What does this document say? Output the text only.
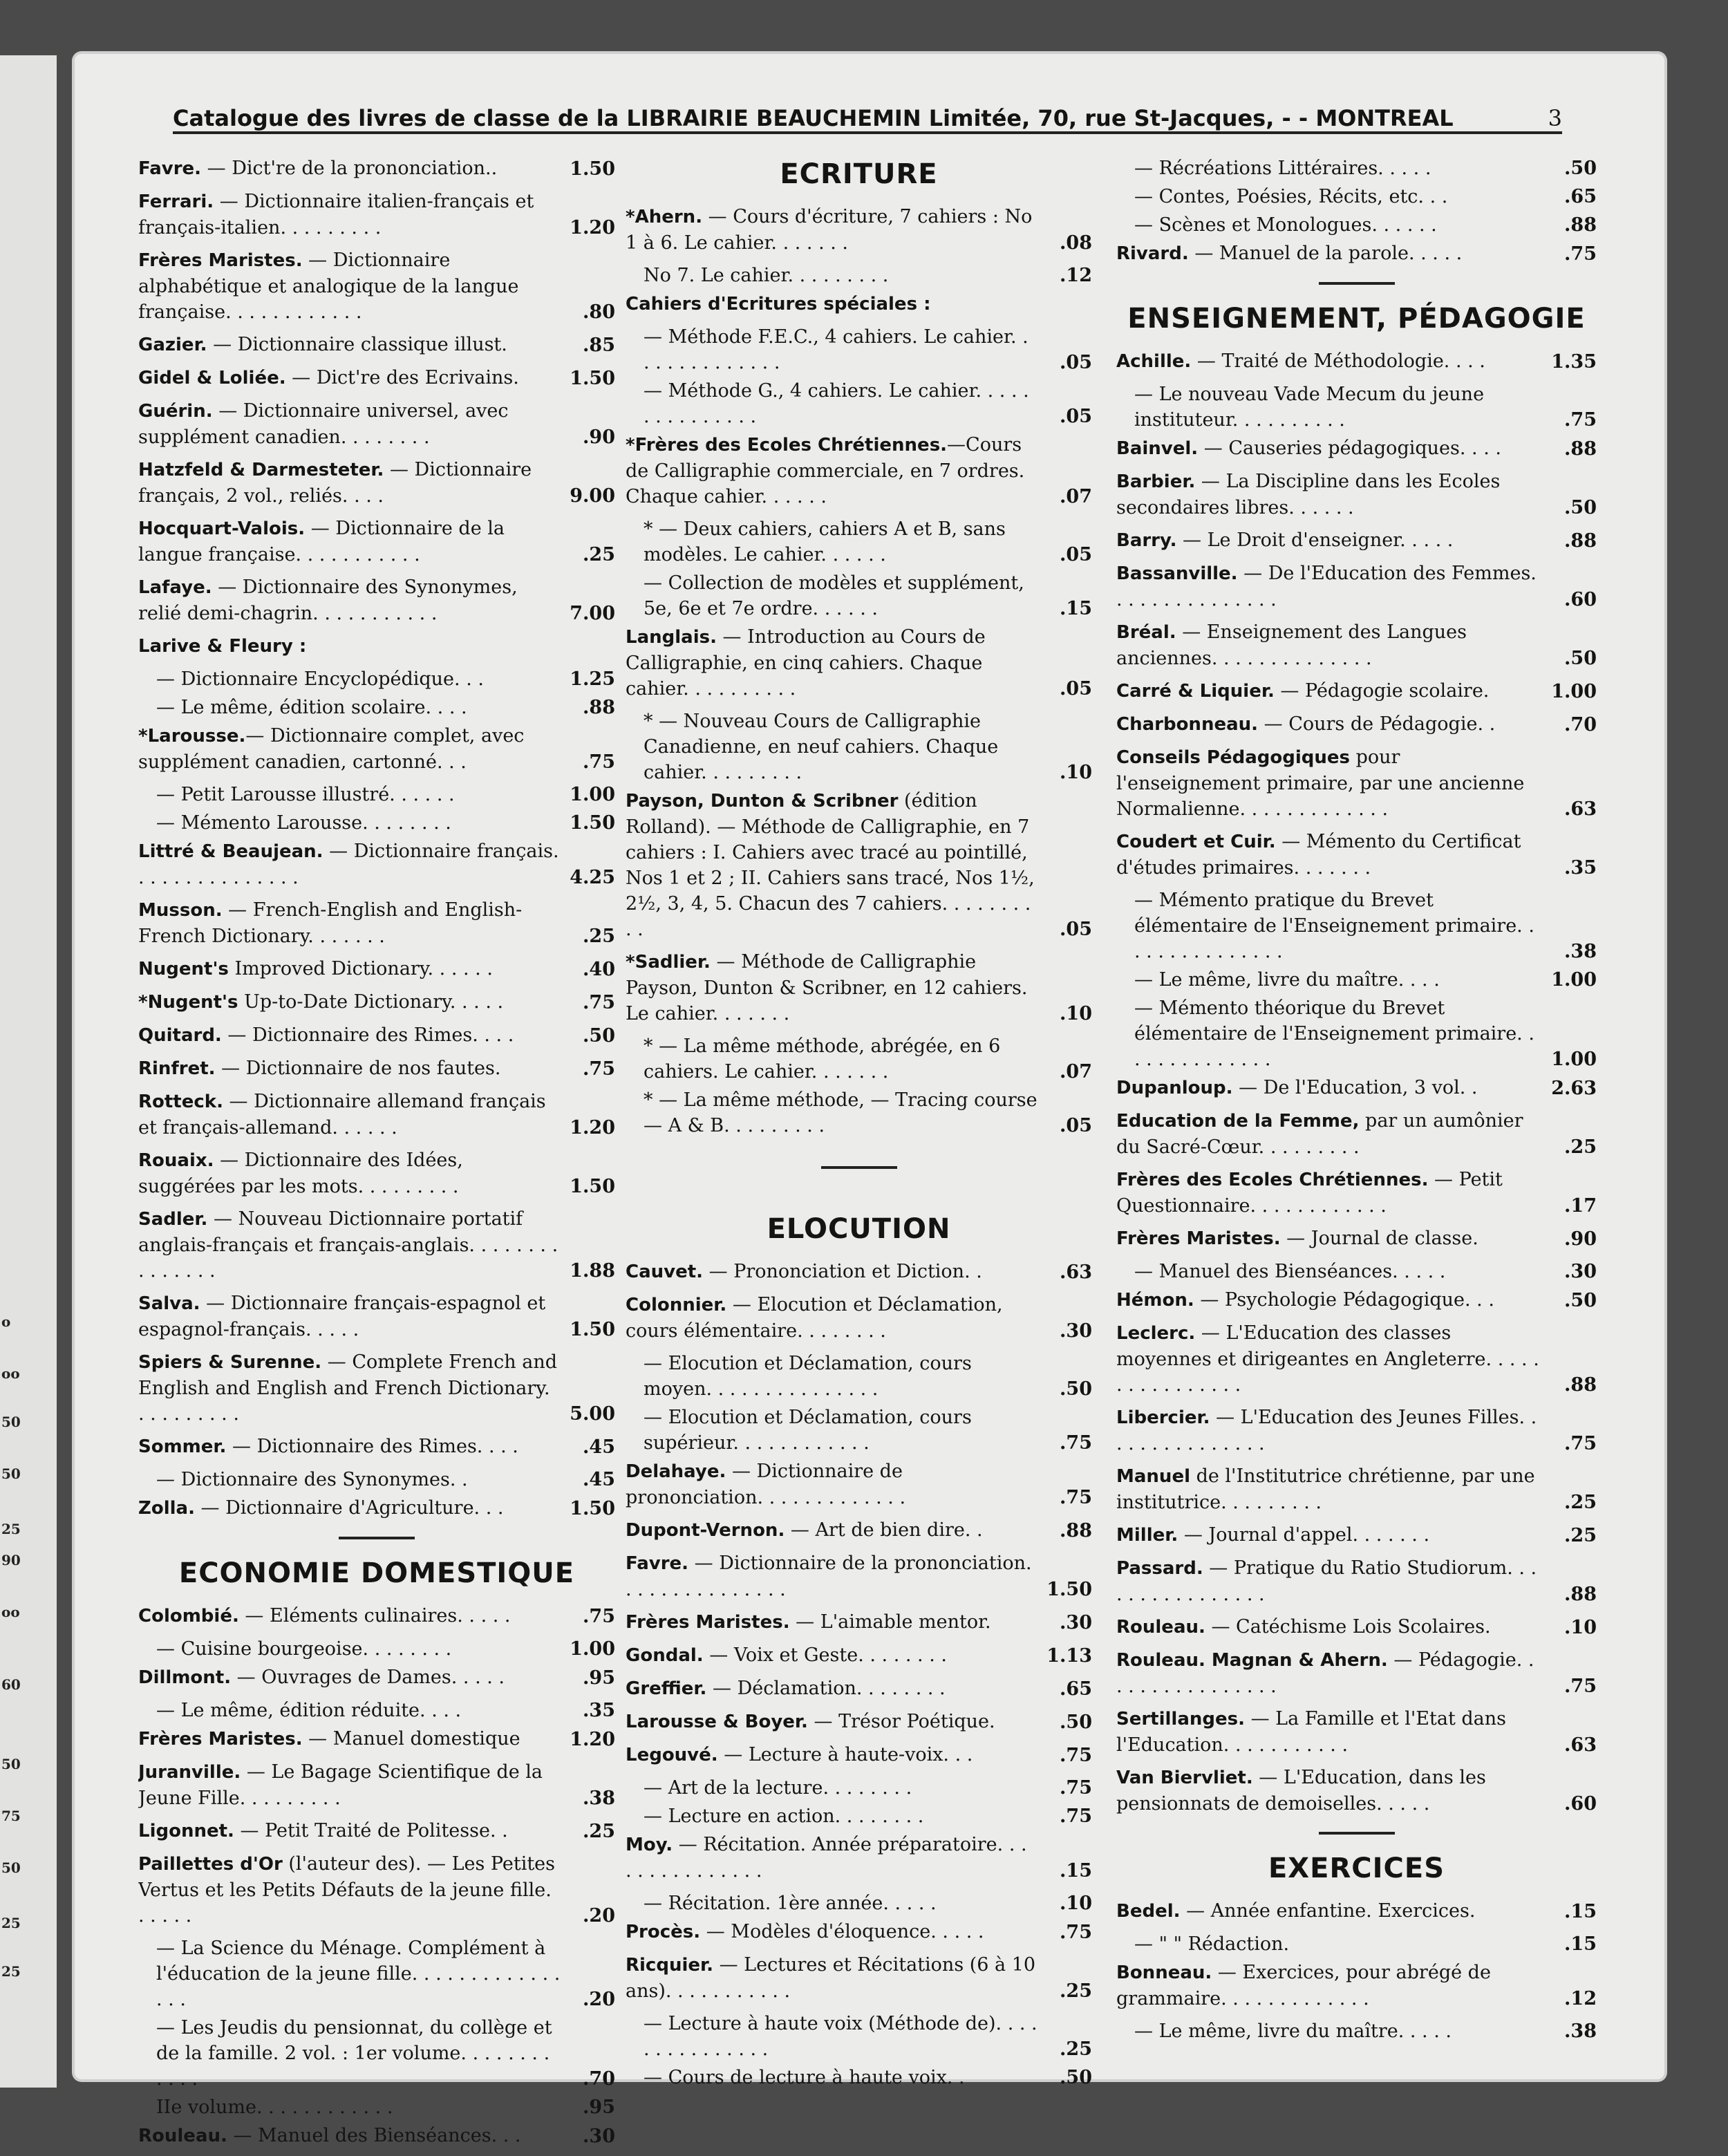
o
oo
50
50
25
90
oo
60
50
75
50
25
25
Catalogue des livres de classe de la LIBRAIRIE BEAUCHEMIN Limitée, 70, rue St-Jacques, - - MONTREAL	3
Favre. — Dict're de la prononciation..	1.50
Ferrari. — Dictionnaire italien-français et français-italien. . . . . . . . .	1.20
Frères Maristes. — Dictionnaire alphabétique et analogique de la langue française. . . . . . . . . . . .	.80
Gazier. — Dictionnaire classique illust.	.85
Gidel & Loliée. — Dict're des Ecrivains.	1.50
Guérin. — Dictionnaire universel, avec supplément canadien. . . . . . . .	.90
Hatzfeld & Darmesteter. — Dictionnaire français, 2 vol., reliés. . . .	9.00
Hocquart-Valois. — Dictionnaire de la langue française. . . . . . . . . . .	.25
Lafaye. — Dictionnaire des Synonymes, relié demi-chagrin. . . . . . . . . . .	7.00
Larive & Fleury :
— Dictionnaire Encyclopédique. . .	1.25
— Le même, édition scolaire. . . .	.88
*Larousse.— Dictionnaire complet, avec supplément canadien, cartonné. . .	.75
— Petit Larousse illustré. . . . . .	1.00
— Mémento Larousse. . . . . . . .	1.50
Littré & Beaujean. — Dictionnaire français. . . . . . . . . . . . . . .	4.25
Musson. — French-English and English-French Dictionary. . . . . . .	.25
Nugent's Improved Dictionary. . . . . .	.40
*Nugent's Up-to-Date Dictionary. . . . .	.75
Quitard. — Dictionnaire des Rimes. . . .	.50
Rinfret. — Dictionnaire de nos fautes.	.75
Rotteck. — Dictionnaire allemand français et français-allemand. . . . . .	1.20
Rouaix. — Dictionnaire des Idées, suggérées par les mots. . . . . . . . .	1.50
Sadler. — Nouveau Dictionnaire portatif anglais-français et français-anglais. . . . . . . . . . . . . . .	1.88
Salva. — Dictionnaire français-espagnol et espagnol-français. . . . .	1.50
Spiers & Surenne. — Complete French and English and English and French Dictionary. . . . . . . . . .	5.00
Sommer. — Dictionnaire des Rimes. . . .	.45
— Dictionnaire des Synonymes. .	.45
Zolla. — Dictionnaire d'Agriculture. . .	1.50
ECONOMIE DOMESTIQUE
Colombié. — Eléments culinaires. . . . .	.75
— Cuisine bourgeoise. . . . . . . .	1.00
Dillmont. — Ouvrages de Dames. . . . .	.95
— Le même, édition réduite. . . .	.35
Frères Maristes. — Manuel domestique	1.20
Juranville. — Le Bagage Scientifique de la Jeune Fille. . . . . . . . .	.38
Ligonnet. — Petit Traité de Politesse. .	.25
Paillettes d'Or (l'auteur des). — Les Petites Vertus et les Petits Défauts de la jeune fille. . . . . .	.20
— La Science du Ménage. Complément à l'éducation de la jeune fille. . . . . . . . . . . . . . . .	.20
— Les Jeudis du pensionnat, du collège et de la famille. 2 vol. : 1er volume. . . . . . . . . . . .	.70
IIe volume. . . . . . . . . . . .	.95
Rouleau. — Manuel des Bienséances. . .	.30
ECRITURE
*Ahern. — Cours d'écriture, 7 cahiers : No 1 à 6. Le cahier. . . . . . .	.08
No 7. Le cahier. . . . . . . . .	.12
Cahiers d'Ecritures spéciales :
— Méthode F.E.C., 4 cahiers. Le cahier. . . . . . . . . . . . . .	.05
— Méthode G., 4 cahiers. Le cahier. . . . . . . . . . . . . . .	.05
*Frères des Ecoles Chrétiennes.—Cours de Calligraphie commerciale, en 7 ordres. Chaque cahier. . . . . .	.07
* — Deux cahiers, cahiers A et B, sans modèles. Le cahier. . . . . .	.05
— Collection de modèles et supplément, 5e, 6e et 7e ordre. . . . . .	.15
Langlais. — Introduction au Cours de Calligraphie, en cinq cahiers. Chaque cahier. . . . . . . . . .	.05
* — Nouveau Cours de Calligraphie Canadienne, en neuf cahiers. Chaque cahier. . . . . . . . .	.10
Payson, Dunton & Scribner (édition Rolland). — Méthode de Calligraphie, en 7 cahiers : I. Cahiers avec tracé au pointillé, Nos 1 et 2 ; II. Cahiers sans tracé, Nos 1½, 2½, 3, 4, 5. Chacun des 7 cahiers. . . . . . . . . .	.05
*Sadlier. — Méthode de Calligraphie Payson, Dunton & Scribner, en 12 cahiers. Le cahier. . . . . . .	.10
* — La même méthode, abrégée, en 6 cahiers. Le cahier. . . . . . .	.07
* — La même méthode, — Tracing course — A & B. . . . . . . . .	.05
ELOCUTION
Cauvet. — Prononciation et Diction. .	.63
Colonnier. — Elocution et Déclamation, cours élémentaire. . . . . . . .	.30
— Elocution et Déclamation, cours moyen. . . . . . . . . . . . . . .	.50
— Elocution et Déclamation, cours supérieur. . . . . . . . . . . .	.75
Delahaye. — Dictionnaire de prononciation. . . . . . . . . . . . .	.75
Dupont-Vernon. — Art de bien dire. .	.88
Favre. — Dictionnaire de la prononciation. . . . . . . . . . . . . . .	1.50
Frères Maristes. — L'aimable mentor.	.30
Gondal. — Voix et Geste. . . . . . . .	1.13
Greffier. — Déclamation. . . . . . . .	.65
Larousse & Boyer. — Trésor Poétique.	.50
Legouvé. — Lecture à haute-voix. . .	.75
— Art de la lecture. . . . . . . .	.75
— Lecture en action. . . . . . . .	.75
Moy. — Récitation. Année préparatoire. . . . . . . . . . . . . . .	.15
— Récitation. 1ère année. . . . .	.10
Procès. — Modèles d'éloquence. . . . .	.75
Ricquier. — Lectures et Récitations (6 à 10 ans). . . . . . . . . . .	.25
— Lecture à haute voix (Méthode de). . . . . . . . . . . . . . .	.25
— Cours de lecture à haute voix. .	.50
— Récréations Littéraires. . . . .	.50
— Contes, Poésies, Récits, etc. . .	.65
— Scènes et Monologues. . . . . .	.88
Rivard. — Manuel de la parole. . . . .	.75
ENSEIGNEMENT, PÉDAGOGIE
Achille. — Traité de Méthodologie. . . .	1.35
— Le nouveau Vade Mecum du jeune instituteur. . . . . . . . . .	.75
Bainvel. — Causeries pédagogiques. . . .	.88
Barbier. — La Discipline dans les Ecoles secondaires libres. . . . . .	.50
Barry. — Le Droit d'enseigner. . . . .	.88
Bassanville. — De l'Education des Femmes. . . . . . . . . . . . . . .	.60
Bréal. — Enseignement des Langues anciennes. . . . . . . . . . . . . .	.50
Carré & Liquier. — Pédagogie scolaire.	1.00
Charbonneau. — Cours de Pédagogie. .	.70
Conseils Pédagogiques pour l'enseignement primaire, par une ancienne Normalienne. . . . . . . . . . . . .	.63
Coudert et Cuir. — Mémento du Certificat d'études primaires. . . . . . .	.35
— Mémento pratique du Brevet élémentaire de l'Enseignement primaire. . . . . . . . . . . . . . .	.38
— Le même, livre du maître. . . .	1.00
— Mémento théorique du Brevet élémentaire de l'Enseignement primaire. . . . . . . . . . . . . .	1.00
Dupanloup. — De l'Education, 3 vol. .	2.63
Education de la Femme, par un aumônier du Sacré-Cœur. . . . . . . . .	.25
Frères des Ecoles Chrétiennes. — Petit Questionnaire. . . . . . . . . . . .	.17
Frères Maristes. — Journal de classe.	.90
— Manuel des Bienséances. . . . .	.30
Hémon. — Psychologie Pédagogique. . .	.50
Leclerc. — L'Education des classes moyennes et dirigeantes en Angleterre. . . . . . . . . . . . . . . .	.88
Libercier. — L'Education des Jeunes Filles. . . . . . . . . . . . . . .	.75
Manuel de l'Institutrice chrétienne, par une institutrice. . . . . . . . .	.25
Miller. — Journal d'appel. . . . . . .	.25
Passard. — Pratique du Ratio Studiorum. . . . . . . . . . . . . . . .	.88
Rouleau. — Catéchisme Lois Scolaires.	.10
Rouleau. Magnan & Ahern. — Pédagogie. . . . . . . . . . . . . . . .	.75
Sertillanges. — La Famille et l'Etat dans l'Education. . . . . . . . . . .	.63
Van Biervliet. — L'Education, dans les pensionnats de demoiselles. . . . .	.60
EXERCICES
Bedel. — Année enfantine. Exercices.	.15
— " " Rédaction.	.15
Bonneau. — Exercices, pour abrégé de grammaire. . . . . . . . . . . . .	.12
— Le même, livre du maître. . . . .	.38
